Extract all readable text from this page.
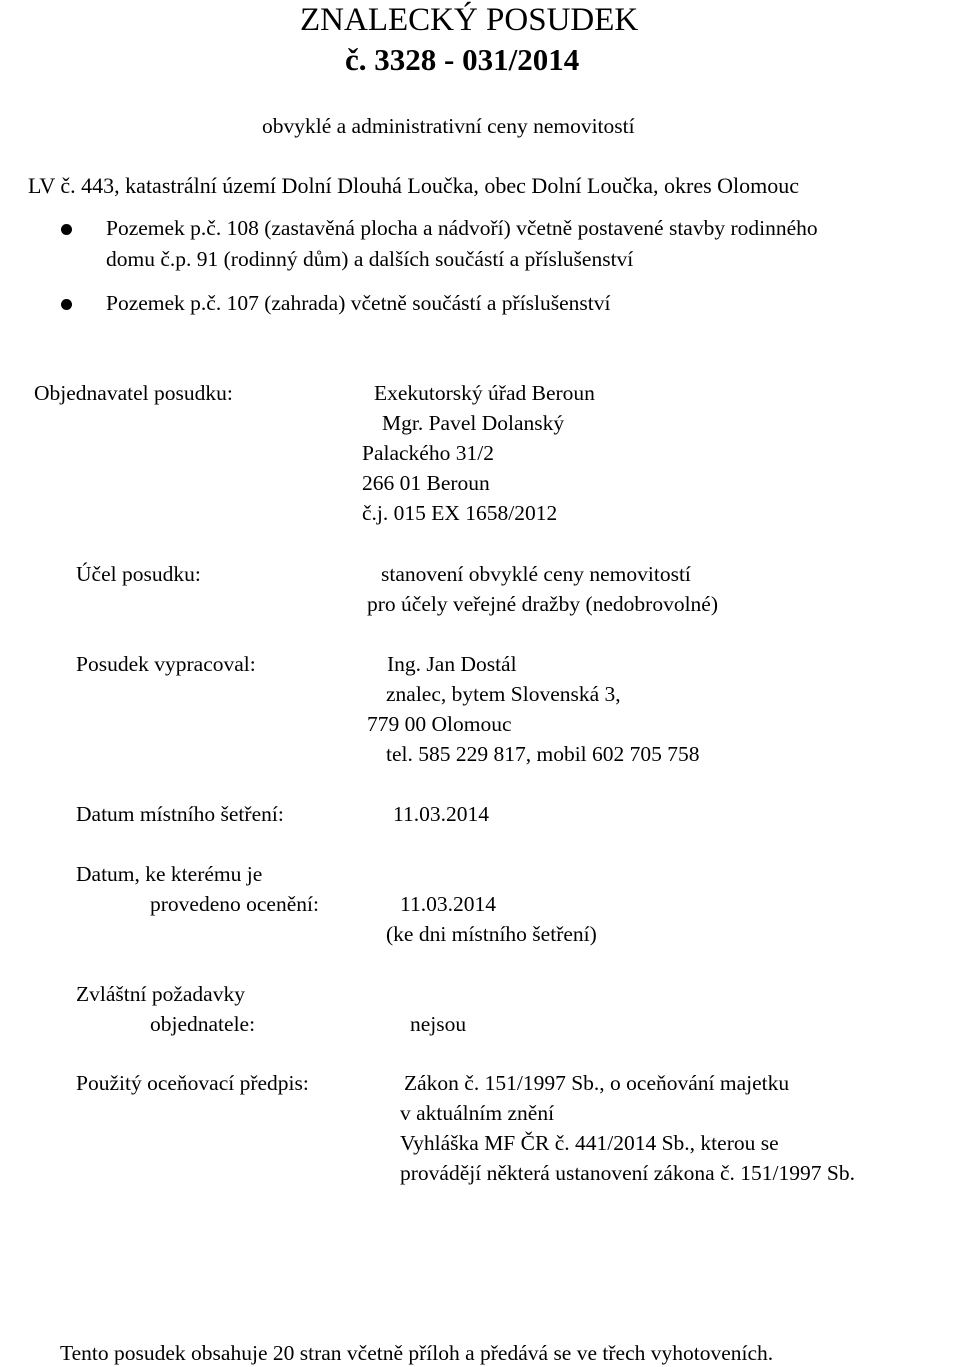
ZNALECKÝ POSUDEK
č. 3328 - 031/2014
obvyklé a administrativní ceny nemovitostí
LV č. 443, katastrální území Dolní Dlouhá Loučka, obec Dolní Loučka, okres Olomouc
Pozemek p.č. 108 (zastavěná plocha a nádvoří) včetně postavené stavby rodinného
domu č.p. 91 (rodinný dům) a dalších součástí a příslušenství
Pozemek p.č. 107 (zahrada) včetně součástí a příslušenství
Objednavatel posudku:	Exekutorský úřad Beroun
Mgr. Pavel Dolanský
Palackého 31/2
266 01 Beroun
č.j. 015 EX 1658/2012
Účel posudku:	stanovení obvyklé ceny nemovitostí
pro účely veřejné dražby (nedobrovolné)
Posudek vypracoval:	Ing. Jan Dostál
znalec, bytem Slovenská 3,
779 00 Olomouc
tel. 585 229 817, mobil 602 705 758
Datum místního šetření:	11.03.2014
Datum, ke kterému je
provedeno ocenění:	11.03.2014
(ke dni místního šetření)
Zvláštní požadavky
objednatele:	nejsou
Použitý oceňovací předpis:	Zákon č. 151/1997 Sb., o oceňování majetku
v aktuálním znění
Vyhláška MF ČR č. 441/2014 Sb., kterou se
provádějí některá ustanovení zákona č. 151/1997 Sb.
Tento posudek obsahuje 20 stran včetně příloh a předává se ve třech vyhotoveních.
